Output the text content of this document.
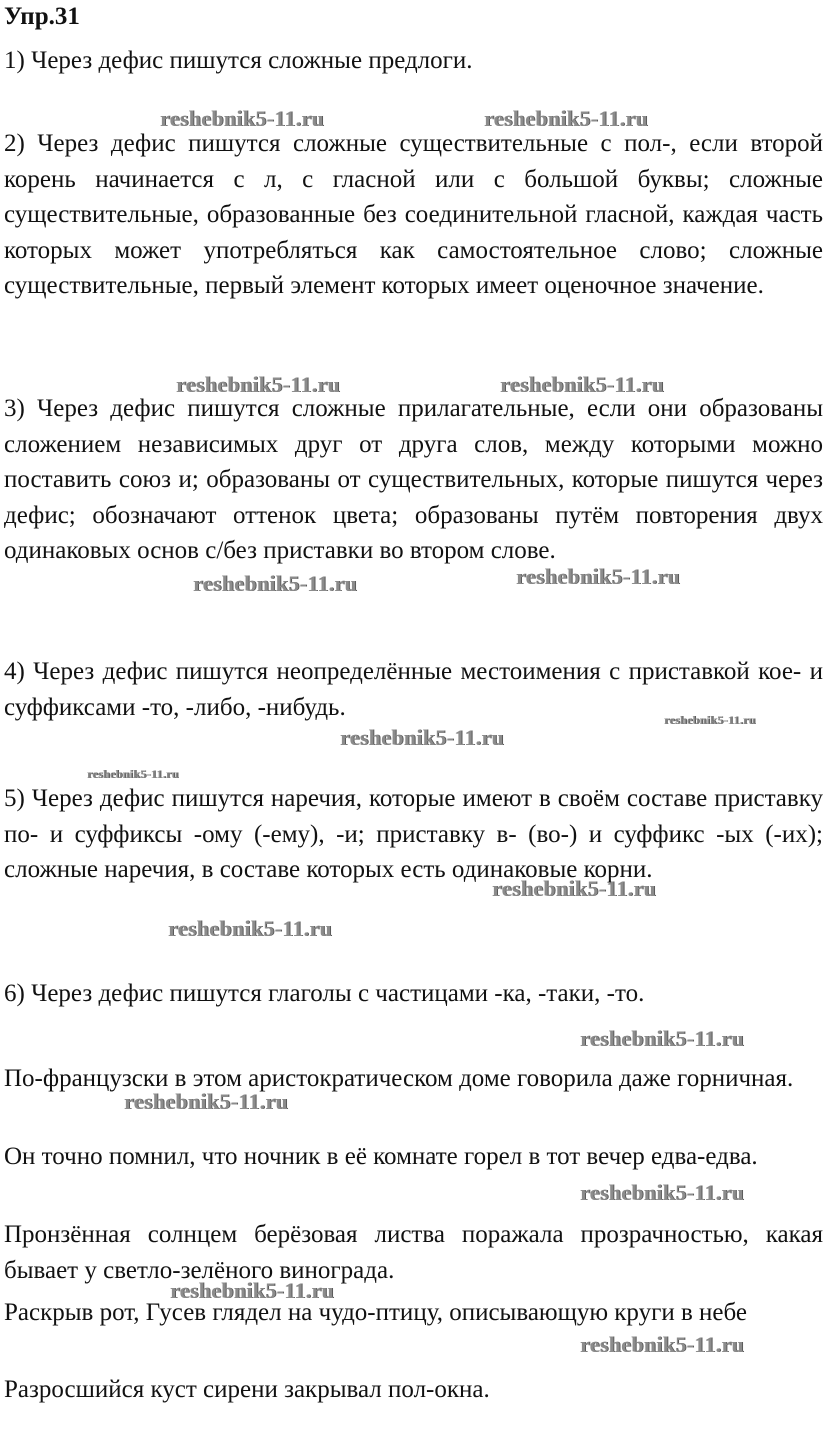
Упр.31

1) Через дефис пишутся сложные предлоги.

2) Через дефис пишутся сложные существительные с пол-, если второй корень начинается с л, с гласной или с большой буквы; сложные существительные, образованные без соединительной гласной, каждая часть которых может употребляться как самостоятельное слово; сложные существительные, первый элемент которых имеет оценочное значение.

3) Через дефис пишутся сложные прилагательные, если они образованы сложением независимых друг от друга слов, между которыми можно поставить союз и; образованы от существительных, которые пишутся через дефис; обозначают оттенок цвета; образованы путём повторения двух одинаковых основ с/без приставки во втором слове.

4) Через дефис пишутся неопределённые местоимения с приставкой кое- и суффиксами -то, -либо, -нибудь.

5) Через дефис пишутся наречия, которые имеют в своём составе приставку по- и суффиксы -ому (-ему), -и; приставку в- (во-) и суффикс -ых (-их); сложные наречия, в составе которых есть одинаковые корни.

6) Через дефис пишутся глаголы с частицами -ка, -таки, -то.

По-французски в этом аристократическом доме говорила даже горничная.

Он точно помнил, что ночник в её комнате горел в тот вечер едва-едва.

Пронзённая солнцем берёзовая листва поражала прозрачностью, какая бывает у светло-зелёного винограда.

Раскрыв рот, Гусев глядел на чудо-птицу, описывающую круги в небе

Разросшийся куст сирени закрывал пол-окна.

reshebnik5-11.ru	reshebnik5-11.ru
reshebnik5-11.ru	reshebnik5-11.ru
reshebnik5-11.ru	reshebnik5-11.ru
reshebnik5-11.ru
reshebnik5-11.ru
reshebnik5-11.ru
reshebnik5-11.ru
reshebnik5-11.ru
reshebnik5-11.ru
reshebnik5-11.ru
reshebnik5-11.ru
reshebnik5-11.ru
reshebnik5-11.ru
